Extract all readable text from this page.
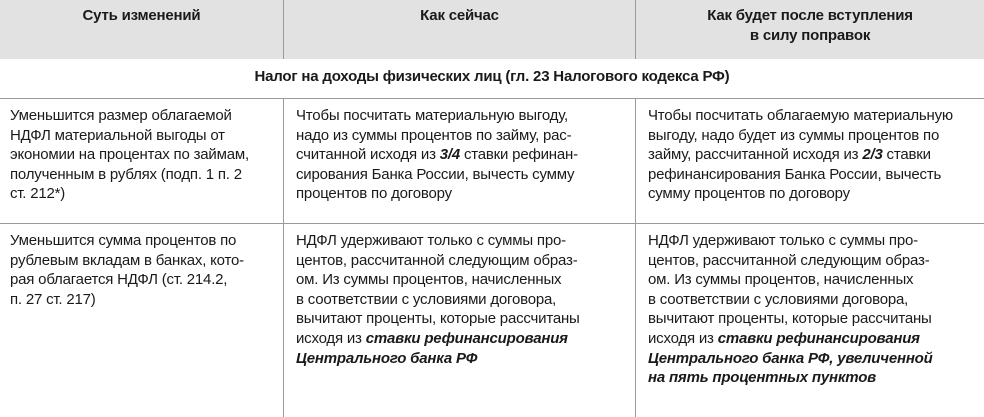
Суть изменений	Как сейчас	Как будет после вступления
в силу поправок
Налог на доходы физических лиц (гл. 23 Налогового кодекса РФ)
Уменьшится размер облагаемой
НДФЛ материальной выгоды от
экономии на процентах по займам,
полученным в рублях (подп. 1 п. 2
ст. 212*)
Чтобы посчитать материальную выгоду,
надо из суммы процентов по займу, рас-
считанной исходя из 3/4 ставки рефинан-
сирования Банка России, вычесть сумму
процентов по договору
Чтобы посчитать облагаемую материальную
выгоду, надо будет из суммы процентов по
займу, рассчитанной исходя из 2/3 ставки
рефинансирования Банка России, вычесть
сумму процентов по договору
Уменьшится сумма процентов по
рублевым вкладам в банках, кото-
рая облагается НДФЛ (ст. 214.2,
п. 27 ст. 217)
НДФЛ удерживают только с суммы про-
центов, рассчитанной следующим образ-
ом. Из суммы процентов, начисленных
в соответствии с условиями договора,
вычитают проценты, которые рассчитаны
исходя из ставки рефинансирования
Центрального банка РФ
НДФЛ удерживают только с суммы про-
центов, рассчитанной следующим образ-
ом. Из суммы процентов, начисленных
в соответствии с условиями договора,
вычитают проценты, которые рассчитаны
исходя из ставки рефинансирования
Центрального банка РФ, увеличенной
на пять процентных пунктов
